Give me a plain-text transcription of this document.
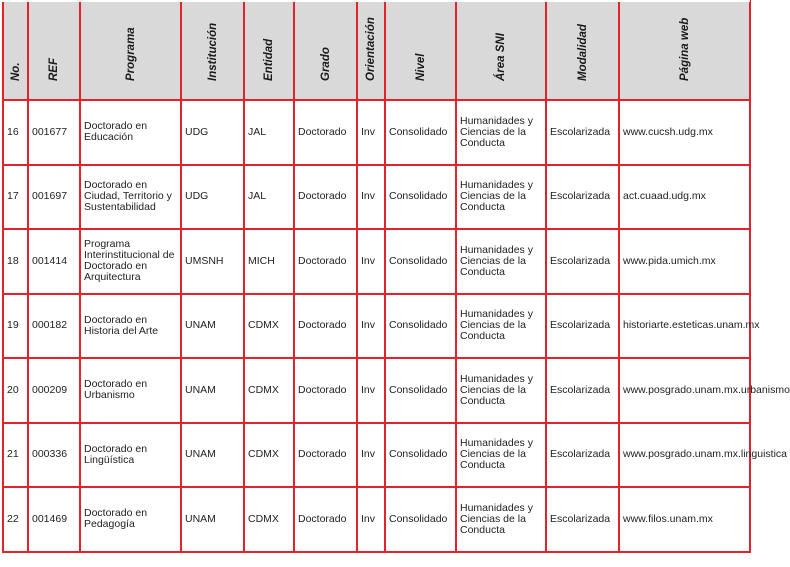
No.	REF	Programa	Institución	Entidad	Grado	Orientación	Nivel	Área SNI	Modalidad	Página web

16	001677	Doctorado en Educación	UDG	JAL	Doctorado	Inv	Consolidado	Humanidades y Ciencias de la Conducta	Escolarizada	www.cucsh.udg.mx
17	001697	Doctorado en Ciudad, Territorio y Sustentabilidad	UDG	JAL	Doctorado	Inv	Consolidado	Humanidades y Ciencias de la Conducta	Escolarizada	act.cuaad.udg.mx
18	001414	Programa Interinstitucional de Doctorado en Arquitectura	UMSNH	MICH	Doctorado	Inv	Consolidado	Humanidades y Ciencias de la Conducta	Escolarizada	www.pida.umich.mx
19	000182	Doctorado en Historia del Arte	UNAM	CDMX	Doctorado	Inv	Consolidado	Humanidades y Ciencias de la Conducta	Escolarizada	historiarte.esteticas.unam.mx
20	000209	Doctorado en Urbanismo	UNAM	CDMX	Doctorado	Inv	Consolidado	Humanidades y Ciencias de la Conducta	Escolarizada	www.posgrado.unam.mx.urbanismo
21	000336	Doctorado en Lingüística	UNAM	CDMX	Doctorado	Inv	Consolidado	Humanidades y Ciencias de la Conducta	Escolarizada	www.posgrado.unam.mx.linguistica
22	001469	Doctorado en Pedagogía	UNAM	CDMX	Doctorado	Inv	Consolidado	Humanidades y Ciencias de la Conducta	Escolarizada	www.filos.unam.mx
